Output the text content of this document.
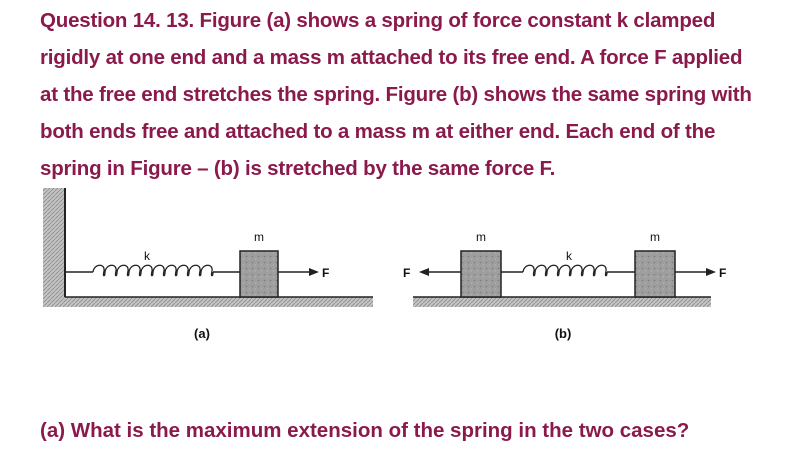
Question 14. 13. Figure (a) shows a spring of force constant k clamped
rigidly at one end and a mass m attached to its free end. A force F applied
at the free end stretches the spring. Figure (b) shows the same spring with
both ends free and attached to a mass m at either end. Each end of the
spring in Figure – (b) is stretched by the same force F.
k
m
F
(a)
F
m
k
m
F
(b)

(a) What is the maximum extension of the spring in the two cases?
